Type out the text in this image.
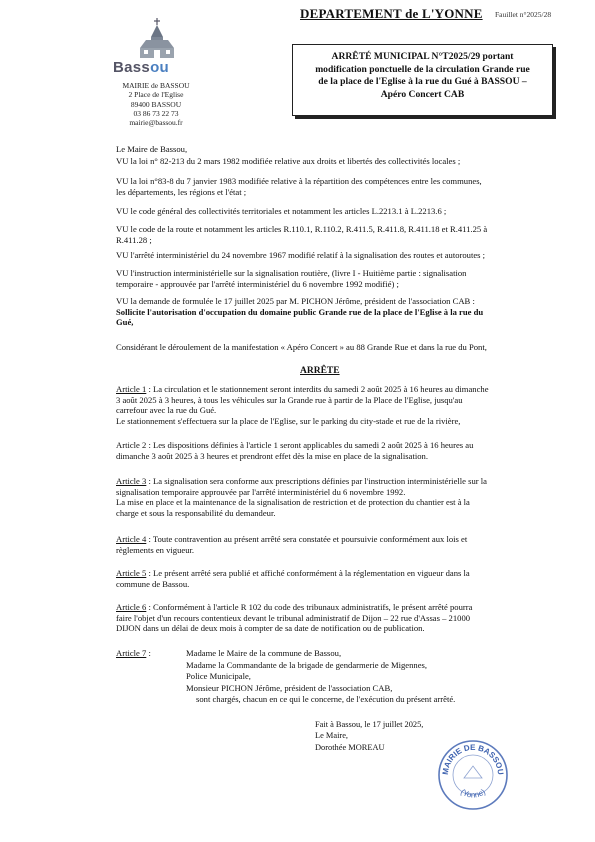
DEPARTEMENT de L'YONNE Fauillet n°2025/28
Bassou
MAIRIE de BASSOU
2 Place de l'Eglise
89400 BASSOU
03 86 73 22 73
mairie@bassou.fr
ARRÊTÉ MUNICIPAL N°T2025/29 portant
modification ponctuelle de la circulation Grande rue
de la place de l'Eglise à la rue du Gué à BASSOU –
Apéro Concert CAB
Le Maire de Bassou,
VU la loi n° 82-213 du 2 mars 1982 modifiée relative aux droits et libertés des collectivités locales ;
VU la loi n°83-8 du 7 janvier 1983 modifiée relative à la répartition des compétences entre les communes,
les départements, les régions et l'état ;
VU le code général des collectivités territoriales et notamment les articles L.2213.1 à L.2213.6 ;
VU le code de la route et notamment les articles R.110.1, R.110.2, R.411.5, R.411.8, R.411.18 et R.411.25 à
R.411.28 ;
VU l'arrêté interministériel du 24 novembre 1967 modifié relatif à la signalisation des routes et autoroutes ;
VU l'instruction interministérielle sur la signalisation routière, (livre I - Huitième partie : signalisation
temporaire - approuvée par l'arrêté interministériel du 6 novembre 1992 modifié) ;
VU la demande de formulée le 17 juillet 2025 par M. PICHON Jérôme, président de l'association CAB :
Sollicite l'autorisation d'occupation du domaine public Grande rue de la place de l'Eglise à la rue du
Gué,
Considérant le déroulement de la manifestation « Apéro Concert » au 88 Grande Rue et dans la rue du Pont,
ARRÊTE
Article 1 : La circulation et le stationnement seront interdits du samedi 2 août 2025 à 16 heures au dimanche
3 août 2025 à 3 heures, à tous les véhicules sur la Grande rue à partir de la Place de l'Eglise, jusqu'au
carrefour avec la rue du Gué.
Le stationnement s'effectuera sur la place de l'Eglise, sur le parking du city-stade et rue de la rivière,
Article 2 : Les dispositions définies à l'article 1 seront applicables du samedi 2 août 2025 à 16 heures au
dimanche 3 août 2025 à 3 heures et prendront effet dès la mise en place de la signalisation.
Article 3 : La signalisation sera conforme aux prescriptions définies par l'instruction interministérielle sur la
signalisation temporaire approuvée par l'arrêté interministériel du 6 novembre 1992.
La mise en place et la maintenance de la signalisation de restriction et de protection du chantier est à la
charge et sous la responsabilité du demandeur.
Article 4 : Toute contravention au présent arrêté sera constatée et poursuivie conformément aux lois et
règlements en vigueur.
Article 5 : Le présent arrêté sera publié et affiché conformément à la réglementation en vigueur dans la
commune de Bassou.
Article 6 : Conformément à l'article R 102 du code des tribunaux administratifs, le présent arrêté pourra
faire l'objet d'un recours contentieux devant le tribunal administratif de Dijon – 22 rue d'Assas – 21000
DIJON dans un délai de deux mois à compter de sa date de notification ou de publication.
Article 7 :	Madame le Maire de la commune de Bassou,
Madame la Commandante de la brigade de gendarmerie de Migennes,
Police Municipale,
Monsieur PICHON Jérôme, président de l'association CAB,
sont chargés, chacun en ce qui le concerne, de l'exécution du présent arrêté.
Fait à Bassou, le 17 juillet 2025,
Le Maire,
Dorothée MOREAU
MAIRIE DE BASSOU
(Yonne)
